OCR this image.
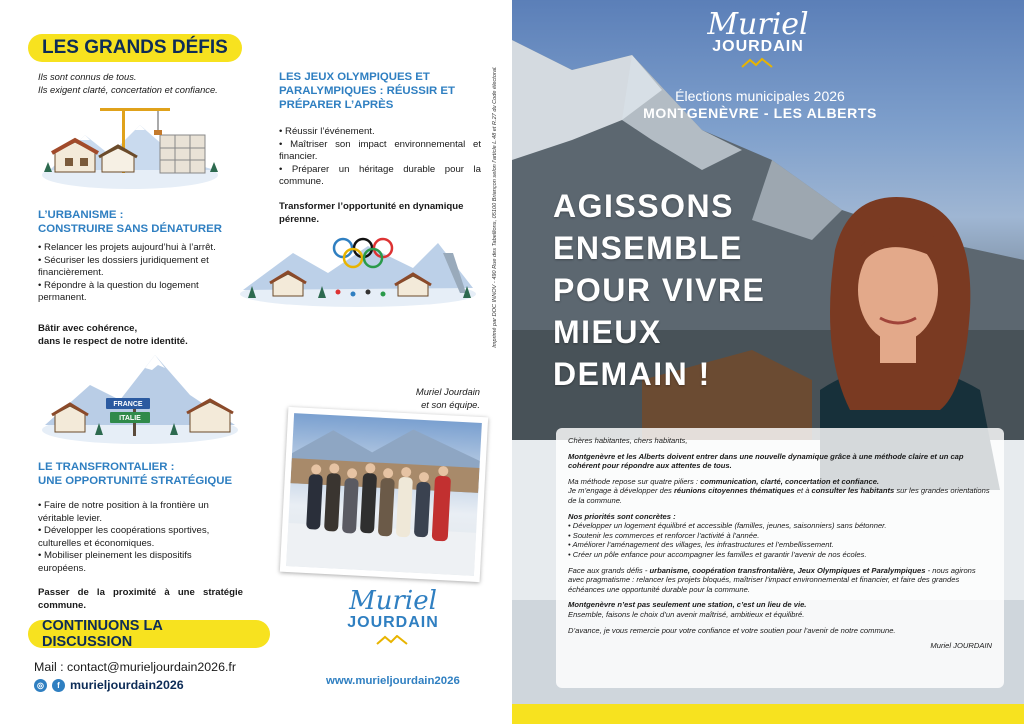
LES GRANDS DÉFIS
Ils sont connus de tous.
Ils exigent clarté, concertation et confiance.
L’URBANISME :
CONSTRUIRE SANS DÉNATURER
• Relancer les projets aujourd’hui à l’arrêt.
• Sécuriser les dossiers juridiquement et financièrement.
• Répondre à la question du logement permanent.
Bâtir avec cohérence,
dans le respect de notre identité.
FRANCE
ITALIE
LE TRANSFRONTALIER :
UNE OPPORTUNITÉ STRATÉGIQUE
• Faire de notre position à la frontière un véritable levier.
• Développer les coopérations sportives, culturelles et économiques.
• Mobiliser pleinement les dispositifs européens.
Passer de la proximité à une stratégie commune.
LES JEUX OLYMPIQUES ET
PARALYMPIQUES : RÉUSSIR ET
PRÉPARER L’APRÈS
• Réussir l’événement.
• Maîtriser son impact environnemental et financier.
• Préparer un héritage durable pour la commune.
Transformer l’opportunité en dynamique pérenne.	Imprimé par DOC INNOV - 490 Rue des Tabellions, 05100 Briançon selon l’article L.48 et R.27 du Code électoral.
Muriel Jourdain
et son équipe.
CONTINUONS LA DISCUSSION
Mail : contact@murieljourdain2026.fr
◎	f murieljourdain2026
Muriel
JOURDAIN
www.murieljourdain2026
Muriel
JOURDAIN
Élections municipales 2026
MONTGENÈVRE - LES ALBERTS
AGISSONS
ENSEMBLE
POUR VIVRE
MIEUX
DEMAIN !

Chères habitantes, chers habitants,

Montgenèvre et les Alberts doivent entrer dans une nouvelle dynamique grâce à une méthode claire et un cap cohérent pour répondre aux attentes de tous.

Ma méthode repose sur quatre piliers : communication, clarté, concertation et confiance.
Je m’engage à développer des réunions citoyennes thématiques et à consulter les habitants sur les grandes orientations de la commune.

Nos priorités sont concrètes :
• Développer un logement équilibré et accessible (familles, jeunes, saisonniers) sans bétonner.
• Soutenir les commerces et renforcer l’activité à l’année.
• Améliorer l’aménagement des villages, les infrastructures et l’embellissement.
• Créer un pôle enfance pour accompagner les familles et garantir l’avenir de nos écoles.

Face aux grands défis - urbanisme, coopération transfrontalière, Jeux Olympiques et Paralympiques - nous agirons avec pragmatisme : relancer les projets bloqués, maîtriser l’impact environnemental et financier, et faire des grandes échéances une opportunité durable pour la commune.

Montgenèvre n’est pas seulement une station, c’est un lieu de vie.
Ensemble, faisons le choix d’un avenir maîtrisé, ambitieux et équilibré.

D’avance, je vous remercie pour votre confiance et votre soutien pour l’avenir de notre commune.

Muriel JOURDAIN
